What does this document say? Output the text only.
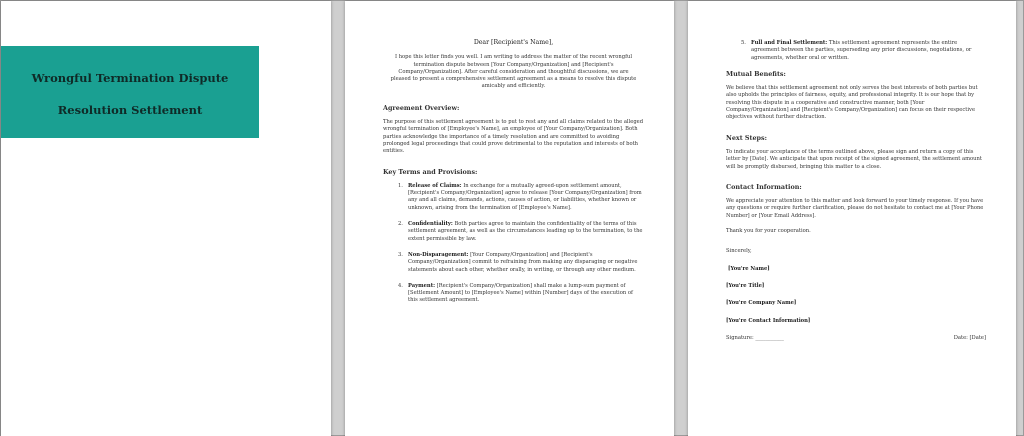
Wrongful Termination Dispute
Resolution Settlement
Dear [Recipient's Name],
I hope this letter finds you well. I am writing to address the matter of the recent wrongful termination dispute between [Your Company/Organization] and [Recipient's Company/Organization]. After careful consideration and thoughtful discussions, we are pleased to present a comprehensive settlement agreement as a means to resolve this dispute amicably and efficiently.
Agreement Overview:
The purpose of this settlement agreement is to put to rest any and all claims related to the alleged wrongful termination of [Employee's Name], an employee of [Your Company/Organization]. Both parties acknowledge the importance of a timely resolution and are committed to avoiding prolonged legal proceedings that could prove detrimental to the reputation and interests of both entities.
Key Terms and Provisions:
1. Release of Claims: In exchange for a mutually agreed-upon settlement amount, [Recipient's Company/Organization] agree to release [Your Company/Organization] from any and all claims, demands, actions, causes of action, or liabilities, whether known or unknown, arising from the termination of [Employee's Name].
2. Confidentiality: Both parties agree to maintain the confidentiality of the terms of this settlement agreement, as well as the circumstances leading up to the termination, to the extent permissible by law.
3. Non-Disparagement: [Your Company/Organization] and [Recipient's Company/Organization] commit to refraining from making any disparaging or negative statements about each other, whether orally, in writing, or through any other medium.
4. Payment: [Recipient's Company/Organization] shall make a lump-sum payment of [Settlement Amount] to [Employee's Name] within [Number] days of the execution of this settlement agreement.
5. Full and Final Settlement: This settlement agreement represents the entire agreement between the parties, superseding any prior discussions, negotiations, or agreements, whether oral or written.
Mutual Benefits:
We believe that this settlement agreement not only serves the best interests of both parties but also upholds the principles of fairness, equity, and professional integrity. It is our hope that by resolving this dispute in a cooperative and constructive manner, both [Your Company/Organization] and [Recipient's Company/Organization] can focus on their respective objectives without further distraction.
Next Steps:
To indicate your acceptance of the terms outlined above, please sign and return a copy of this letter by [Date]. We anticipate that upon receipt of the signed agreement, the settlement amount will be promptly disbursed, bringing this matter to a close.
Contact Information:
We appreciate your attention to this matter and look forward to your timely response. If you have any questions or require further clarification, please do not hesitate to contact me at [Your Phone Number] or [Your Email Address].
Thank you for your cooperation.
Sincerely,
[You're Name]
[You're Title]
[You're Company Name]
[You're Contact Information]
Signature: ___________	Date: [Date]
